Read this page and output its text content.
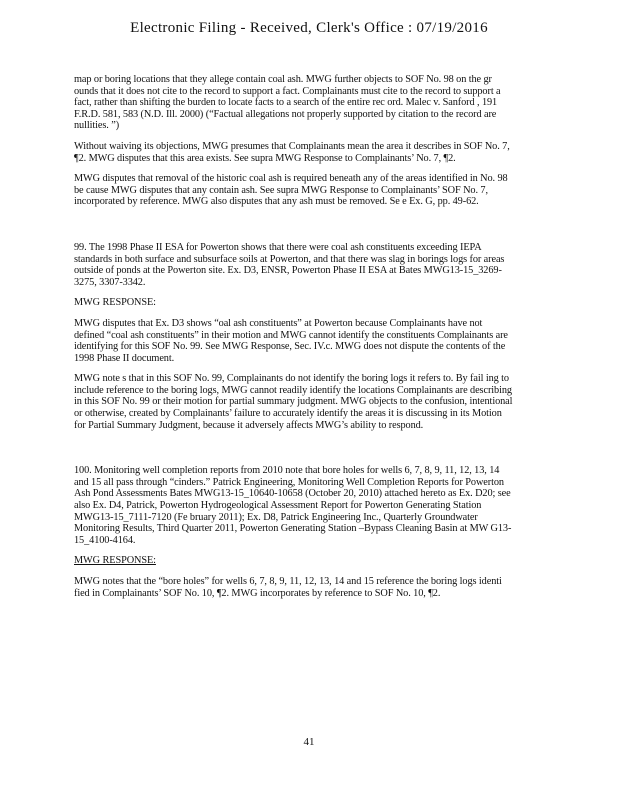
Electronic Filing - Received, Clerk's Office : 07/19/2016

map or boring locations that they allege contain coal ash. MWG further objects to SOF No. 98 on the gr ounds that it does not cite to the record to support a fact. Complainants must cite to the record to support a fact, rather than shifting the burden to locate facts to a search of the entire rec ord. Malec v. Sanford , 191 F.R.D. 581, 583 (N.D. Ill. 2000) (“Factual allegations not properly supported by citation to the record are nullities. ”)

Without waiving its objections, MWG presumes that Complainants mean the area it describes in SOF No. 7, ¶2. MWG disputes that this area exists. See supra MWG Response to Complainants’ No. 7, ¶2.

MWG disputes that removal of the historic coal ash is required beneath any of the areas identified in No. 98 be cause MWG disputes that any contain ash. See supra MWG Response to Complainants’ SOF No. 7, incorporated by reference. MWG also disputes that any ash must be removed. Se e Ex. G, pp. 49-62.

99. The 1998 Phase II ESA for Powerton shows that there were coal ash constituents exceeding IEPA standards in both surface and subsurface soils at Powerton, and that there was slag in borings logs for areas outside of ponds at the Powerton site. Ex. D3, ENSR, Powerton Phase II ESA at Bates MWG13-15_3269-3275, 3307-3342.

MWG RESPONSE:

MWG disputes that Ex. D3 shows “oal ash constituents” at Powerton because Complainants have not defined “coal ash constituents” in their motion and MWG cannot identify the constituents Complainants are identifying for this SOF No. 99. See MWG Response, Sec. IV.c. MWG does not dispute the contents of the 1998 Phase II document.

MWG note s that in this SOF No. 99, Complainants do not identify the boring logs it refers to. By fail ing to include reference to the boring logs, MWG cannot readily identify the locations Complainants are describing in this SOF No. 99 or their motion for partial summary judgment. MWG objects to the confusion, intentional or otherwise, created by Complainants’ failure to accurately identify the areas it is discussing in its Motion for Partial Summary Judgment, because it adversely affects MWG’s ability to respond.

100. Monitoring well completion reports from 2010 note that bore holes for wells 6, 7, 8, 9, 11, 12, 13, 14 and 15 all pass through “cinders.” Patrick Engineering, Monitoring Well Completion Reports for Powerton Ash Pond Assessments Bates MWG13-15_10640-10658 (October 20, 2010) attached hereto as Ex. D20; see also Ex. D4, Patrick, Powerton Hydrogeological Assessment Report for Powerton Generating Station MWG13-15_7111-7120 (Fe bruary 2011); Ex. D8, Patrick Engineering Inc., Quarterly Groundwater Monitoring Results, Third Quarter 2011, Powerton Generating Station –Bypass Cleaning Basin at MW G13-15_4100-4164.

MWG RESPONSE:

MWG notes that the “bore holes” for wells 6, 7, 8, 9, 11, 12, 13, 14 and 15 reference the boring logs identi fied in Complainants’ SOF No. 10, ¶2. MWG incorporates by reference to SOF No. 10, ¶2.

41
